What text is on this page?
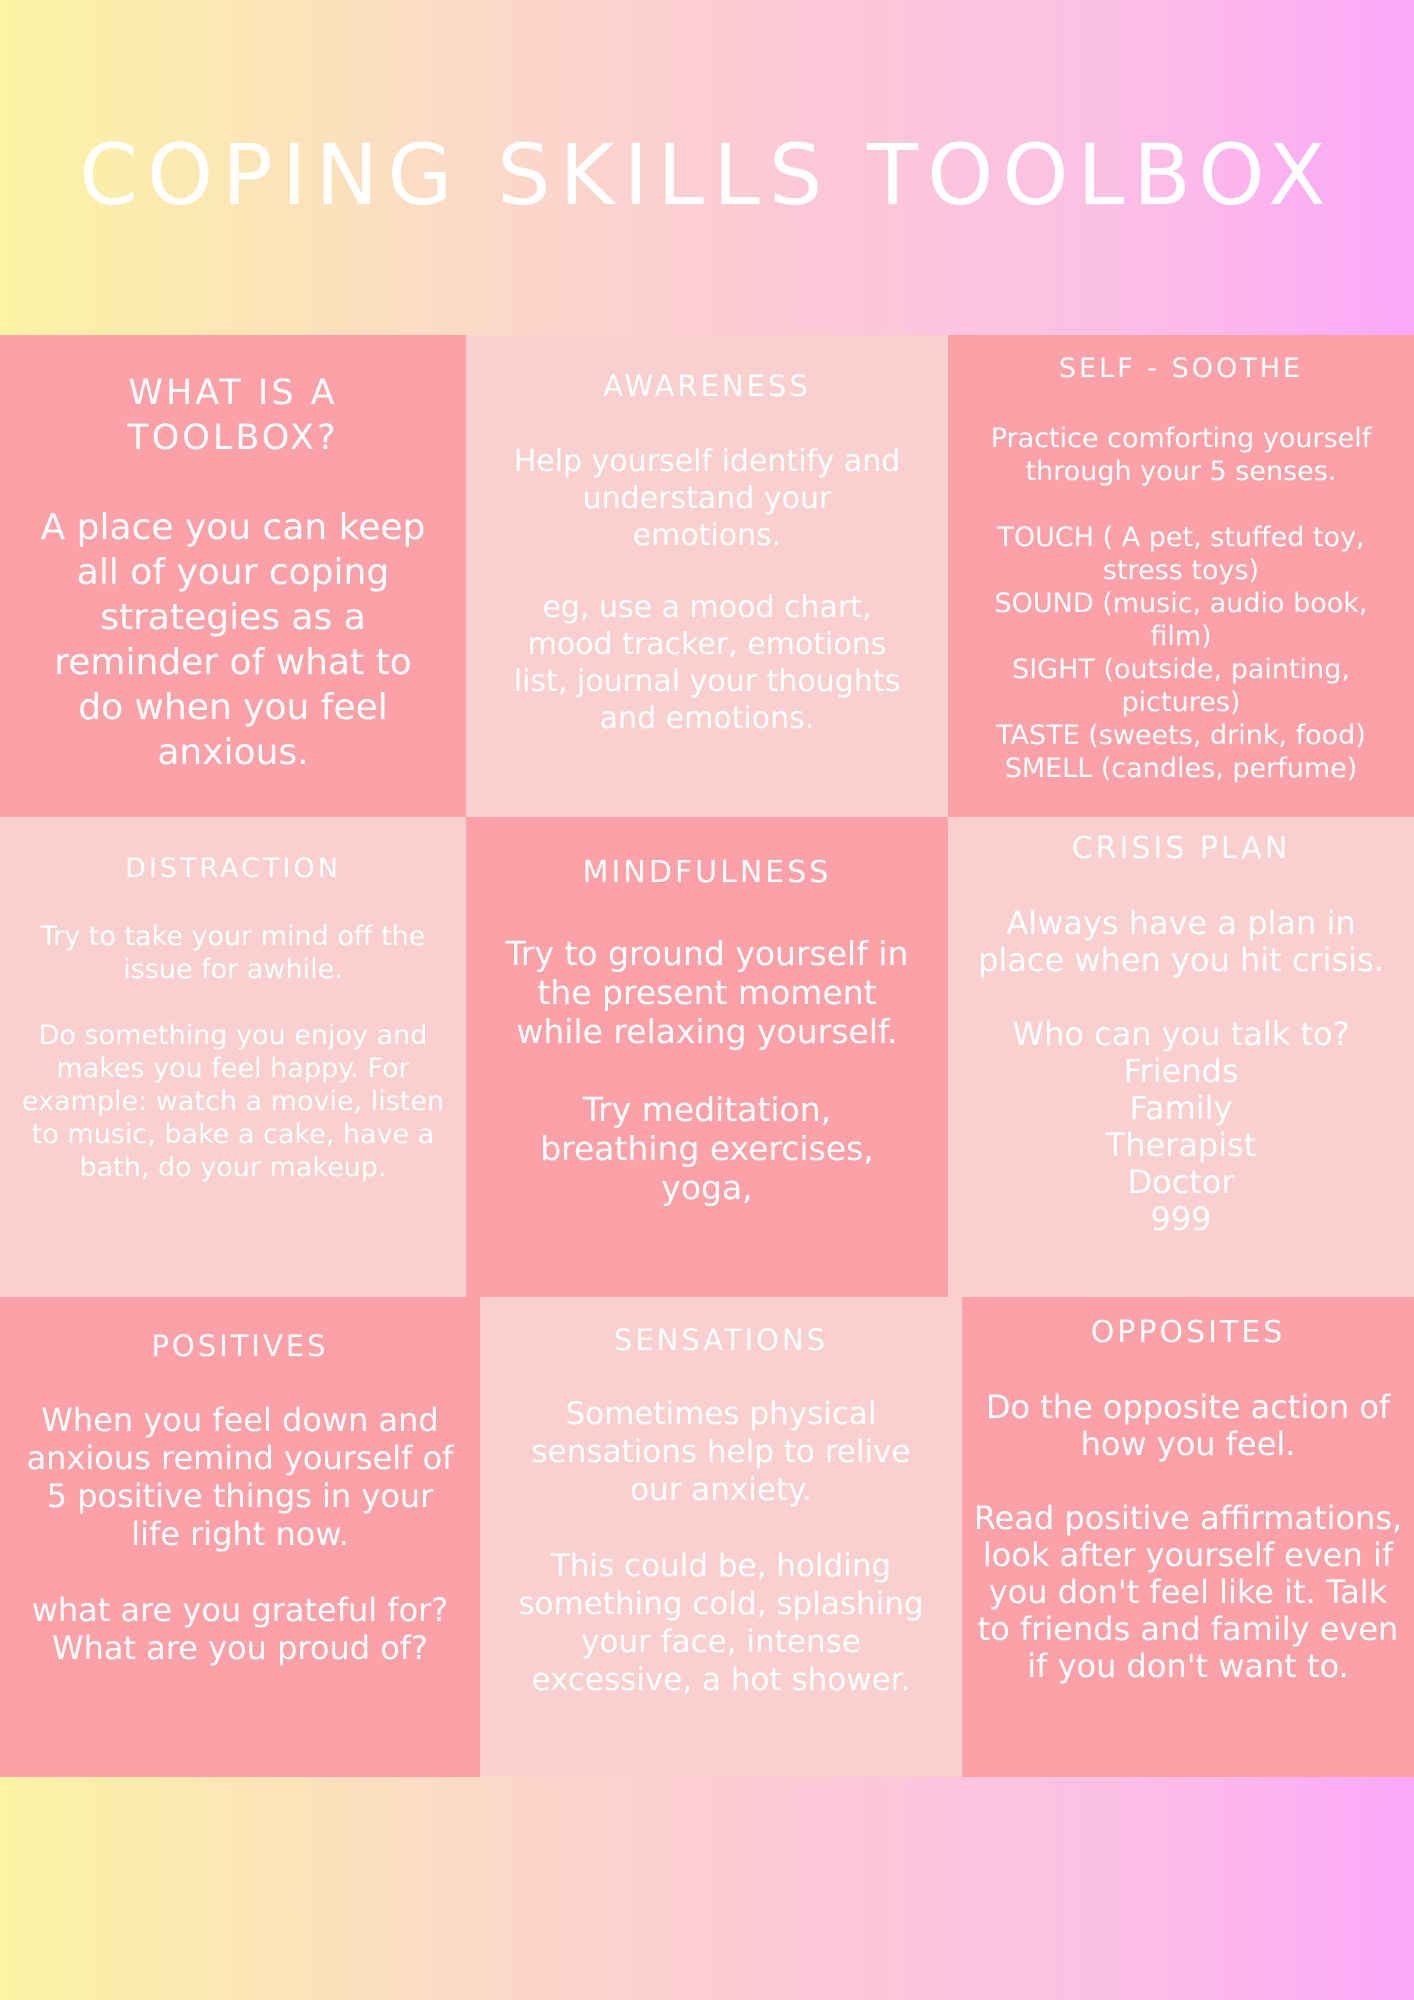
COPING SKILLS TOOLBOX
WHAT IS A TOOLBOX?

A place you can keep all of your coping strategies as a reminder of what to do when you feel anxious.

AWARENESS

Help yourself identify and understand your emotions.

eg, use a mood chart, mood tracker, emotions list, journal your thoughts and emotions.

SELF - SOOTHE

Practice comforting yourself through your 5 senses.

TOUCH ( A pet, stuffed toy, stress toys)

SOUND (music, audio book, film)

SIGHT (outside, painting, pictures)

TASTE (sweets, drink, food)

SMELL (candles, perfume)

DISTRACTION

Try to take your mind off the issue for awhile.

Do something you enjoy and makes you feel happy. For example: watch a movie, listen to music, bake a cake, have a bath, do your makeup.

MINDFULNESS

Try to ground yourself in the present moment while relaxing yourself.

Try meditation, breathing exercises, yoga,

CRISIS PLAN

Always have a plan in place when you hit crisis.

Who can you talk to?

Friends

Family

Therapist

Doctor

999

POSITIVES

When you feel down and anxious remind yourself of 5 positive things in your life right now.

what are you grateful for?

What are you proud of?

SENSATIONS

Sometimes physical sensations help to relive our anxiety.

This could be, holding something cold, splashing your face, intense excessive, a hot shower.

OPPOSITES

Do the opposite action of how you feel.

Read positive affirmations, look after yourself even if you don't feel like it. Talk to friends and family even if you don't want to.
